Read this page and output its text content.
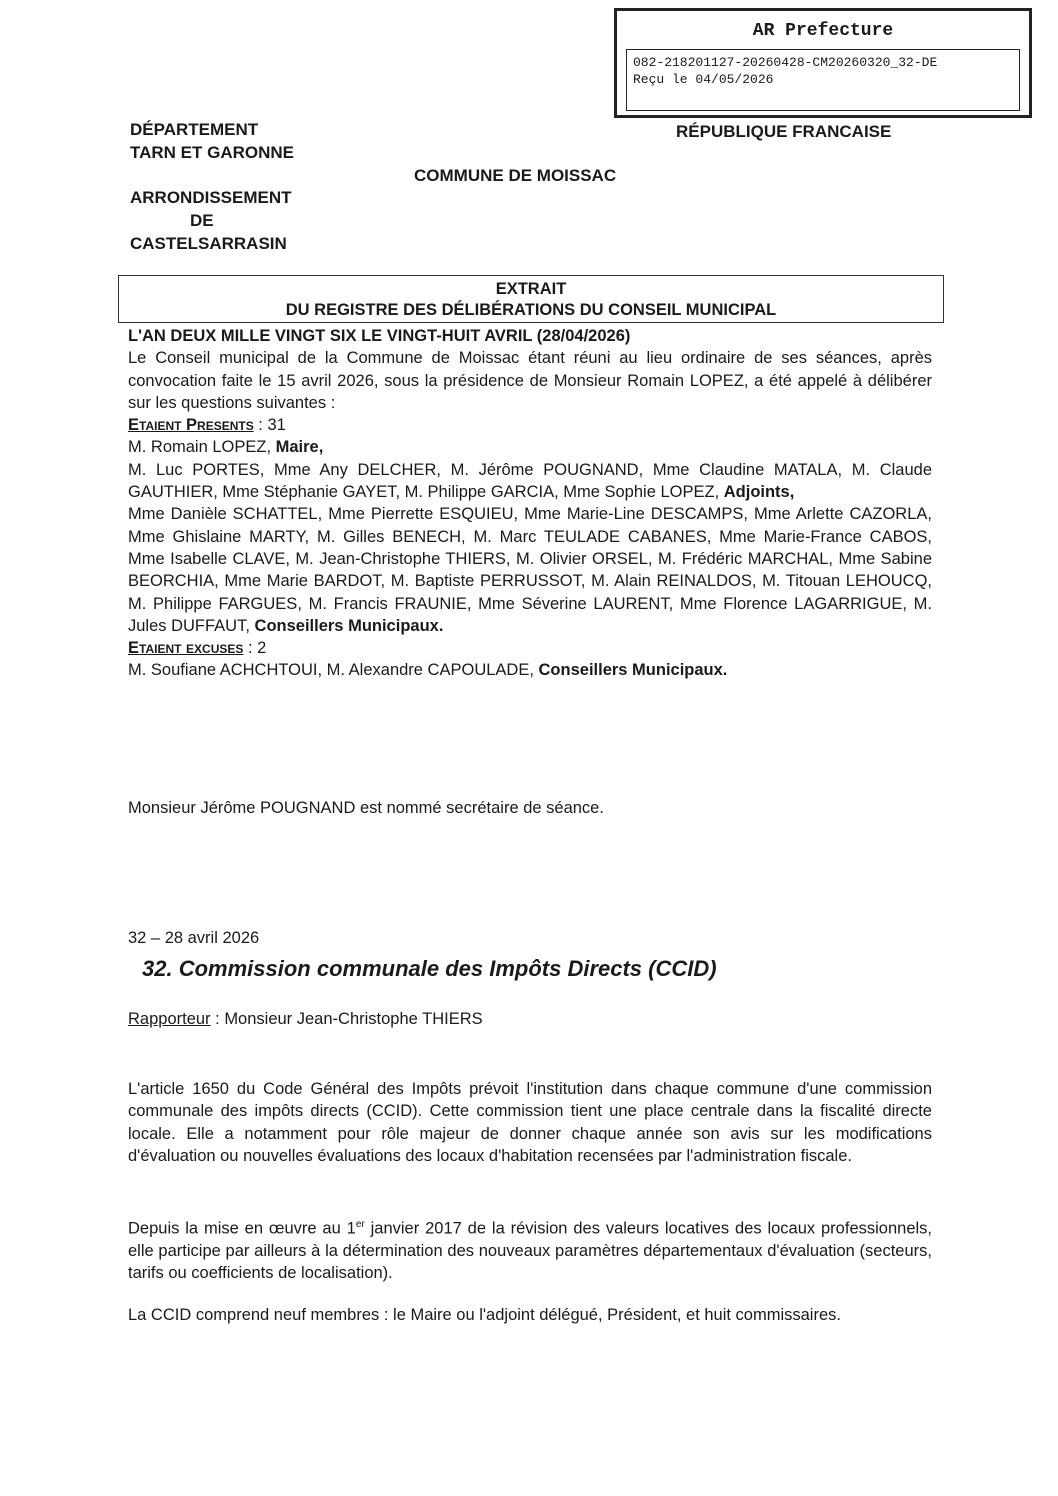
AR Prefecture
082-218201127-20260428-CM20260320_32-DE
Reçu le 04/05/2026
DÉPARTEMENT
TARN ET GARONNE
ARRONDISSEMENT
DE
CASTELSARRASIN
RÉPUBLIQUE FRANCAISE
COMMUNE DE MOISSAC
EXTRAIT
DU REGISTRE DES DÉLIBÉRATIONS DU CONSEIL MUNICIPAL
L'AN DEUX MILLE VINGT SIX LE VINGT-HUIT AVRIL (28/04/2026)
Le Conseil municipal de la Commune de Moissac étant réuni au lieu ordinaire de ses séances, après convocation faite le 15 avril 2026, sous la présidence de Monsieur Romain LOPEZ, a été appelé à délibérer sur les questions suivantes :
Etaient Presents : 31
M. Romain LOPEZ, Maire,
M. Luc PORTES, Mme Any DELCHER, M. Jérôme POUGNAND, Mme Claudine MATALA, M. Claude GAUTHIER, Mme Stéphanie GAYET, M. Philippe GARCIA, Mme Sophie LOPEZ, Adjoints,
Mme Danièle SCHATTEL, Mme Pierrette ESQUIEU, Mme Marie-Line DESCAMPS, Mme Arlette CAZORLA, Mme Ghislaine MARTY, M. Gilles BENECH, M. Marc TEULADE CABANES, Mme Marie-France CABOS, Mme Isabelle CLAVE, M. Jean-Christophe THIERS, M. Olivier ORSEL, M. Frédéric MARCHAL, Mme Sabine BEORCHIA, Mme Marie BARDOT, M. Baptiste PERRUSSOT, M. Alain REINALDOS, M. Titouan LEHOUCQ, M. Philippe FARGUES, M. Francis FRAUNIE, Mme Séverine LAURENT, Mme Florence LAGARRIGUE, M. Jules DUFFAUT, Conseillers Municipaux.
Etaient excuses : 2
M. Soufiane ACHCHTOUI, M. Alexandre CAPOULADE, Conseillers Municipaux.
Monsieur Jérôme POUGNAND est nommé secrétaire de séance.
32 – 28 avril 2026
32. Commission communale des Impôts Directs (CCID)
Rapporteur : Monsieur Jean-Christophe THIERS
L'article 1650 du Code Général des Impôts prévoit l'institution dans chaque commune d'une commission communale des impôts directs (CCID). Cette commission tient une place centrale dans la fiscalité directe locale. Elle a notamment pour rôle majeur de donner chaque année son avis sur les modifications d'évaluation ou nouvelles évaluations des locaux d'habitation recensées par l'administration fiscale.
Depuis la mise en œuvre au 1er janvier 2017 de la révision des valeurs locatives des locaux professionnels, elle participe par ailleurs à la détermination des nouveaux paramètres départementaux d'évaluation (secteurs, tarifs ou coefficients de localisation).
La CCID comprend neuf membres : le Maire ou l'adjoint délégué, Président, et huit commissaires.
